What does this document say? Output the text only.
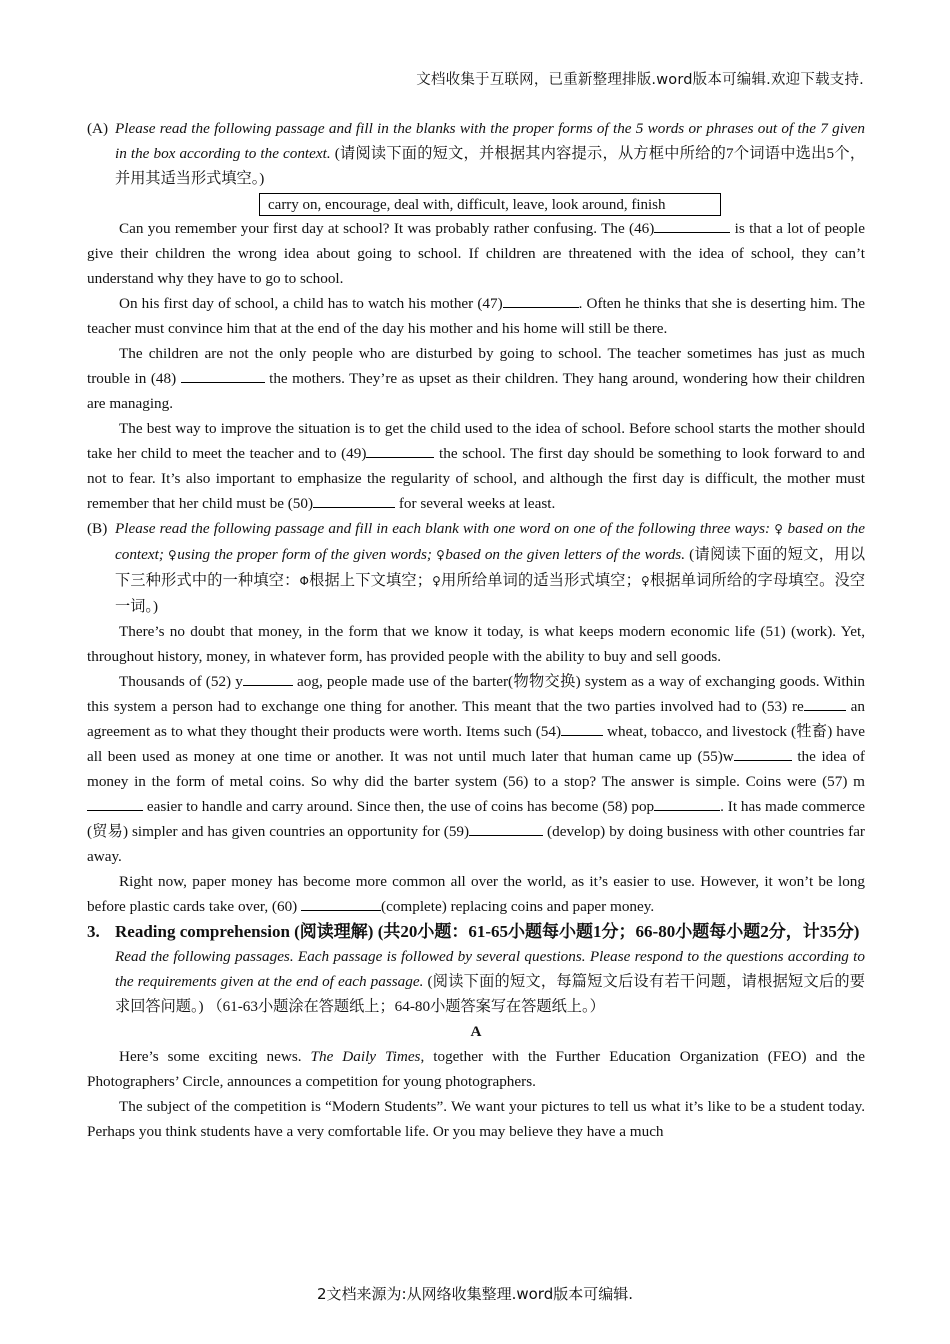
文档收集于互联网，已重新整理排版.word版本可编辑.欢迎下载支持.
(A) Please read the following passage and fill in the blanks with the proper forms of the 5 words or phrases out of the 7 given in the box according to the context. (请阅读下面的短文，并根据其内容提示，从方框中所给的7个词语中选出5个，并用其适当形式填空。)
carry on, encourage, deal with, difficult, leave, look around, finish

Can you remember your first day at school? It was probably rather confusing. The (46)	is that a lot of people give their children the wrong idea about going to school. If children are threatened with the idea of school, they can’t understand why they have to go to school.

On his first day of school, a child has to watch his mother (47)	. Often he thinks that she is deserting him. The teacher must convince him that at the end of the day his mother and his home will still be there.

The children are not the only people who are disturbed by going to school. The teacher sometimes has just as much trouble in (48)	the mothers. They’re as upset as their children. They hang around, wondering how their children are managing.

The best way to improve the situation is to get the child used to the idea of school. Before school starts the mother should take her child to meet the teacher and to (49)	the school. The first day should be something to look forward to and not to fear. It’s also important to emphasize the regularity of school, and although the first day is difficult, the mother must remember that her child must be (50)	for several weeks at least.

(B) Please read the following passage and fill in each blank with one word on one of the following three ways: ♀ based on the context; ♀using the proper form of the given words; ♀based on the given letters of the words. (请阅读下面的短文，用以下三种形式中的一种填空：Φ根据上下文填空；♀用所给单词的适当形式填空；♀根据单词所给的字母填空。没空一词。)

There’s no doubt that money, in the form that we know it today, is what keeps modern economic life (51) (work). Yet, throughout history, money, in whatever form, has provided people with the ability to buy and sell goods.

Thousands of (52) y	aog, people made use of the barter(物物交换) system as a way of exchanging goods. Within this system a person had to exchange one thing for another. This meant that the two parties involved had to (53) re	an agreement as to what they thought their products were worth. Items such (54)	wheat, tobacco, and livestock (牲畜) have all been used as money at one time or another. It was not until much later that human came up (55)w	the idea of money in the form of metal coins. So why did the barter system (56) to a stop? The answer is simple. Coins were (57) m easier to handle and carry around. Since then, the use of coins has become (58) pop	. It has made commerce (贸易) simpler and has given countries an opportunity for (59)	(develop) by doing business with other countries far away.

Right now, paper money has become more common all over the world, as it’s easier to use. However, it won’t be long before plastic cards take over, (60)	(complete) replacing coins and paper money.

3. Reading comprehension (阅读理解) (共20小题：61-65小题每小题1分；66-80小题每小题2分，计35分)
Read the following passages. Each passage is followed by several questions. Please respond to the questions according to the requirements given at the end of each passage. (阅读下面的短文，每篇短文后设有若干问题，请根据短文后的要求回答问题。) （61-63小题涂在答题纸上；64-80小题答案写在答题纸上。）
A

Here’s some exciting news. The Daily Times, together with the Further Education Organization (FEO) and the Photographers’ Circle, announces a competition for young photographers.

The subject of the competition is “Modern Students”. We want your pictures to tell us what it’s like to be a student today. Perhaps you think students have a very comfortable life. Or you may believe they have a much

2文档来源为:从网络收集整理.word版本可编辑.
